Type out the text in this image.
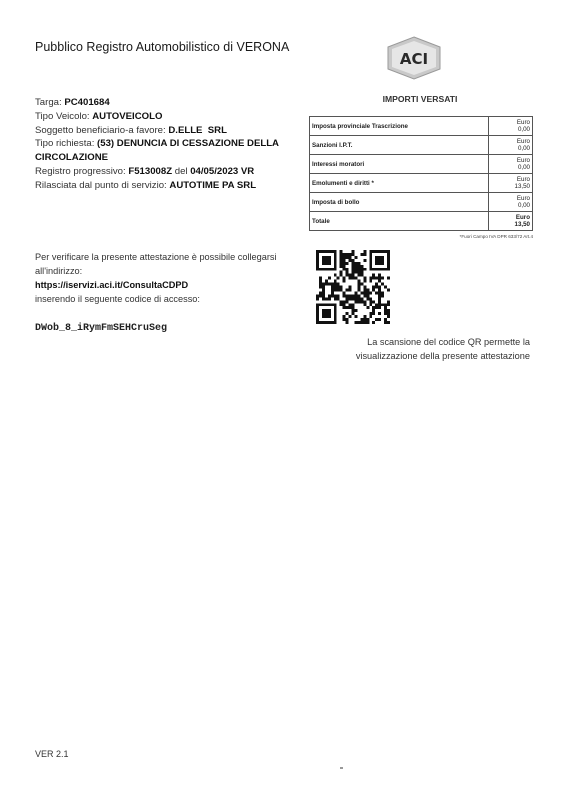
Pubblico Registro Automobilistico di VERONA
ACI
Targa: PC401684
Tipo Veicolo: AUTOVEICOLO
Soggetto beneficiario-a favore: D.ELLE  SRL
Tipo richiesta: (53) DENUNCIA DI CESSAZIONE DELLA
CIRCOLAZIONE
Registro progressivo: F513008Z del 04/05/2023 VR
Rilasciata dal punto di servizio: AUTOTIME PA SRL
IMPORTI VERSATI
Imposta provinciale Trascrizione	Euro
0,00

Sanzioni I.P.T.	Euro
0,00

Interessi moratori	Euro
0,00

Emolumenti e diritti *	Euro
13,50

Imposta di bollo	Euro
0,00

Totale	Euro
13,50
*Fuori Campo IVA DPR 633/72 Art.4
Per verificare la presente attestazione è possibile collegarsi
all'indirizzo:
https://iservizi.aci.it/ConsultaCDPD
inserendo il seguente codice di accesso:
DWob_8_iRymFmSEHCruSeg
La scansione del codice QR permette la
visualizzazione della presente attestazione
VER 2.1
